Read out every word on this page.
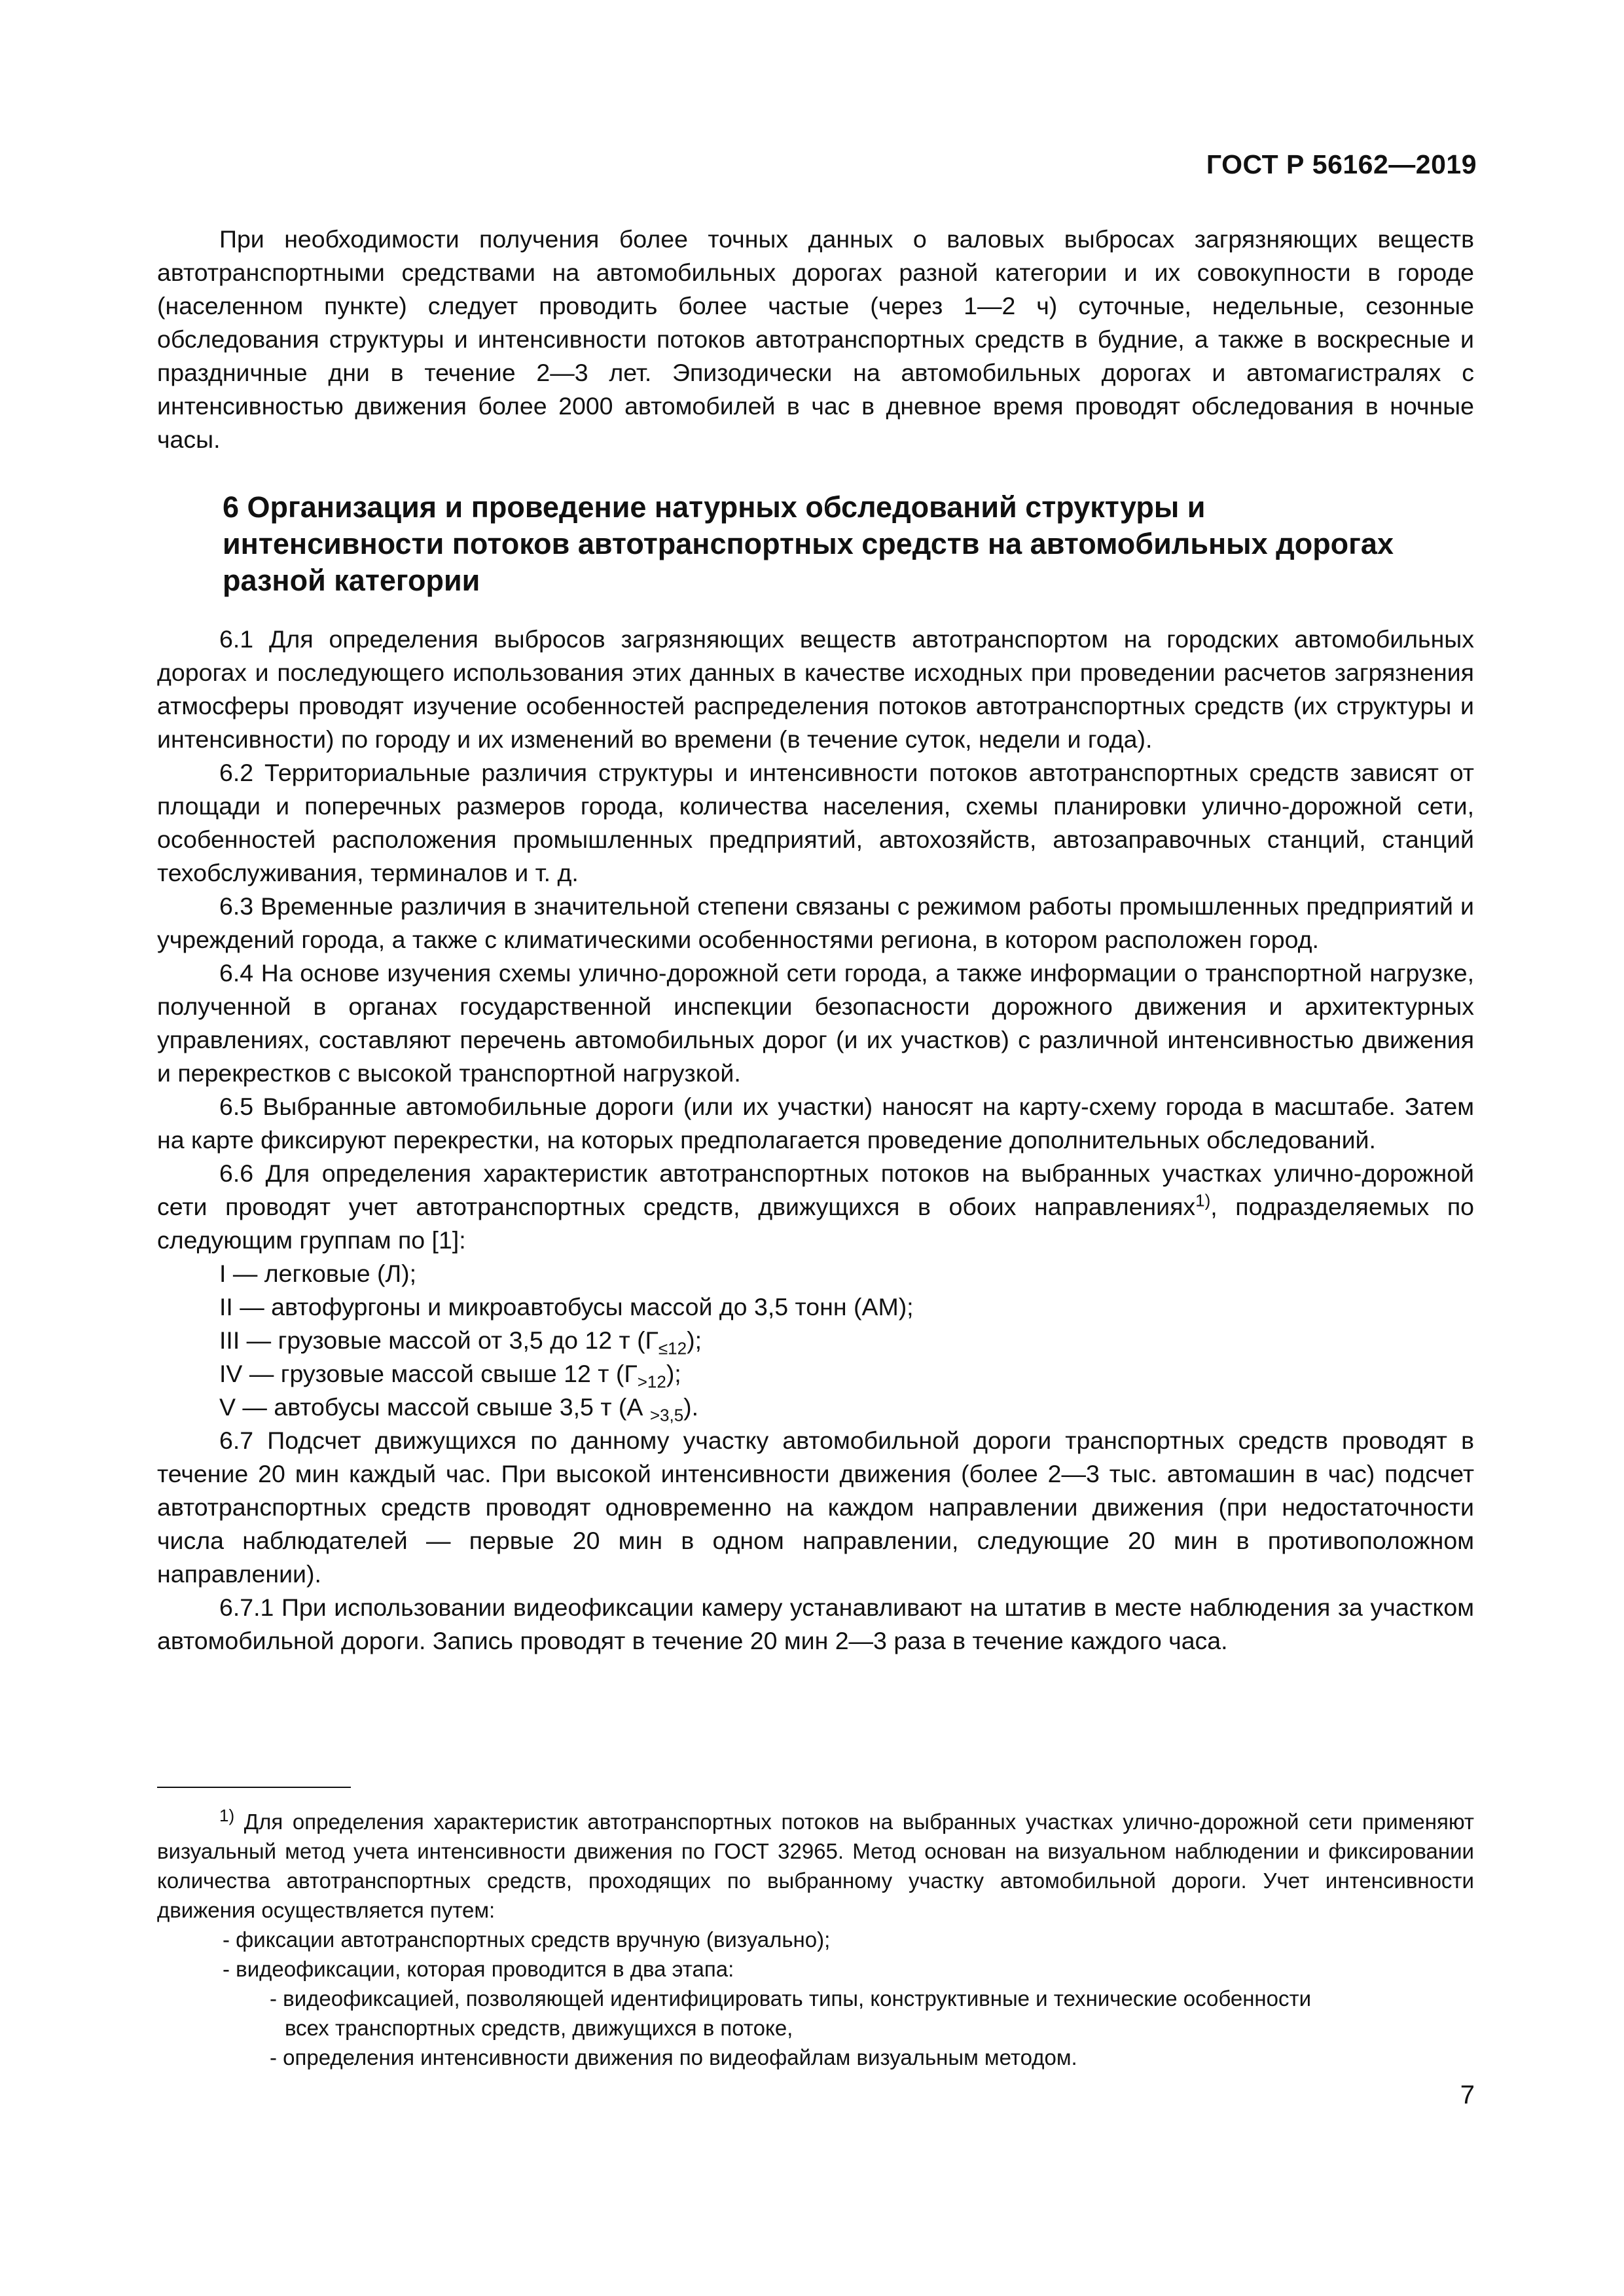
ГОСТ Р 56162—2019

При необходимости получения более точных данных о валовых выбросах загрязняющих веществ автотранспортными средствами на автомобильных дорогах разной категории и их совокупности в городе (населенном пункте) следует проводить более частые (через 1—2 ч) суточные, недельные, сезонные обследования структуры и интенсивности потоков автотранспортных средств в будние, а также в воскресные и праздничные дни в течение 2—3 лет. Эпизодически на автомобильных дорогах и автомагистралях с интенсивностью движения более 2000 автомобилей в час в дневное время проводят обследования в ночные часы.

6 Организация и проведение натурных обследований структуры и интенсивности потоков автотранспортных средств на автомобильных дорогах разной категории

6.1 Для определения выбросов загрязняющих веществ автотранспортом на городских автомобильных дорогах и последующего использования этих данных в качестве исходных при проведении расчетов загрязнения атмосферы проводят изучение особенностей распределения потоков автотранспортных средств (их структуры и интенсивности) по городу и их изменений во времени (в течение суток, недели и года).

6.2 Территориальные различия структуры и интенсивности потоков автотранспортных средств зависят от площади и поперечных размеров города, количества населения, схемы планировки улично-дорожной сети, особенностей расположения промышленных предприятий, автохозяйств, автозаправочных станций, станций техобслуживания, терминалов и т. д.

6.3 Временные различия в значительной степени связаны с режимом работы промышленных предприятий и учреждений города, а также с климатическими особенностями региона, в котором расположен город.

6.4 На основе изучения схемы улично-дорожной сети города, а также информации о транспортной нагрузке, полученной в органах государственной инспекции безопасности дорожного движения и архитектурных управлениях, составляют перечень автомобильных дорог (и их участков) с различной интенсивностью движения и перекрестков с высокой транспортной нагрузкой.

6.5 Выбранные автомобильные дороги (или их участки) наносят на карту-схему города в масштабе. Затем на карте фиксируют перекрестки, на которых предполагается проведение дополнительных обследований.

6.6 Для определения характеристик автотранспортных потоков на выбранных участках улично-дорожной сети проводят учет автотранспортных средств, движущихся в обоих направлениях$^{1)}$, подразделяемых по следующим группам по [1]:

I — легковые (Л);
II — автофургоны и микроавтобусы массой до 3,5 тонн (АМ);
III — грузовые массой от 3,5 до 12 т $(Г_{\le 12})$;
IV — грузовые массой свыше 12 т $(Г_{>12})$;
V — автобусы массой свыше 3,5 т (А $_{>3,5}$).

6.7 Подсчет движущихся по данному участку автомобильной дороги транспортных средств проводят в течение 20 мин каждый час. При высокой интенсивности движения (более 2—3 тыс. автомашин в час) подсчет автотранспортных средств проводят одновременно на каждом направлении движения (при недостаточности числа наблюдателей — первые 20 мин в одном направлении, следующие 20 мин в противоположном направлении).

6.7.1 При использовании видеофиксации камеру устанавливают на штатив в месте наблюдения за участком автомобильной дороги. Запись проводят в течение 20 мин 2—3 раза в течение каждого часа.

$^{1)}$ Для определения характеристик автотранспортных потоков на выбранных участках улично-дорожной сети применяют визуальный метод учета интенсивности движения по ГОСТ 32965. Метод основан на визуальном наблюдении и фиксировании количества автотранспортных средств, проходящих по выбранному участку автомобильной дороги. Учет интенсивности движения осуществляется путем:

- фиксации автотранспортных средств вручную (визуально);
- видеофиксации, которая проводится в два этапа:
- видеофиксацией, позволяющей идентифицировать типы, конструктивные и технические особенности
всех транспортных средств, движущихся в потоке,
- определения интенсивности движения по видеофайлам визуальным методом.
7
